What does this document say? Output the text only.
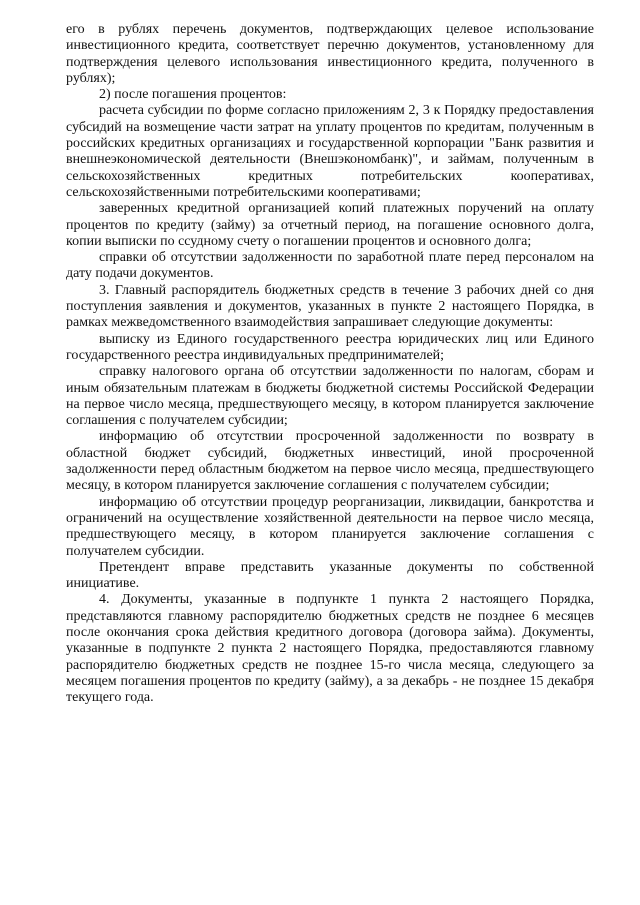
его в рублях перечень документов, подтверждающих целевое использование инвестиционного кредита, соответствует перечню документов, установленному для подтверждения целевого использования инвестиционного кредита, полученного в рублях);

2) после погашения процентов:

расчета субсидии по форме согласно приложениям 2, 3 к Порядку предоставления субсидий на возмещение части затрат на уплату процентов по кредитам, полученным в российских кредитных организациях и государственной корпорации "Банк развития и внешнеэкономической деятельности (Внешэкономбанк)", и займам, полученным в сельскохозяйственных кредитных потребительских кооперативах, сельскохозяйственными потребительскими кооперативами;

заверенных кредитной организацией копий платежных поручений на оплату процентов по кредиту (займу) за отчетный период, на погашение основного долга, копии выписки по ссудному счету о погашении процентов и основного долга;

справки об отсутствии задолженности по заработной плате перед персоналом на дату подачи документов.

3. Главный распорядитель бюджетных средств в течение 3 рабочих дней со дня поступления заявления и документов, указанных в пункте 2 настоящего Порядка, в рамках межведомственного взаимодействия запрашивает следующие документы:

выписку из Единого государственного реестра юридических лиц или Единого государственного реестра индивидуальных предпринимателей;

справку налогового органа об отсутствии задолженности по налогам, сборам и иным обязательным платежам в бюджеты бюджетной системы Российской Федерации на первое число месяца, предшествующего месяцу, в котором планируется заключение соглашения с получателем субсидии;

информацию об отсутствии просроченной задолженности по возврату в областной бюджет субсидий, бюджетных инвестиций, иной просроченной задолженности перед областным бюджетом на первое число месяца, предшествующего месяцу, в котором планируется заключение соглашения с получателем субсидии;

информацию об отсутствии процедур реорганизации, ликвидации, банкротства и ограничений на осуществление хозяйственной деятельности на первое число месяца, предшествующего месяцу, в котором планируется заключение соглашения с получателем субсидии.

Претендент вправе представить указанные документы по собственной инициативе.

4. Документы, указанные в подпункте 1 пункта 2 настоящего Порядка, представляются главному распорядителю бюджетных средств не позднее 6 месяцев после окончания срока действия кредитного договора (договора займа). Документы, указанные в подпункте 2 пункта 2 настоящего Порядка, предоставляются главному распорядителю бюджетных средств не позднее 15-го числа месяца, следующего за месяцем погашения процентов по кредиту (займу), а за декабрь - не позднее 15 декабря текущего года.
